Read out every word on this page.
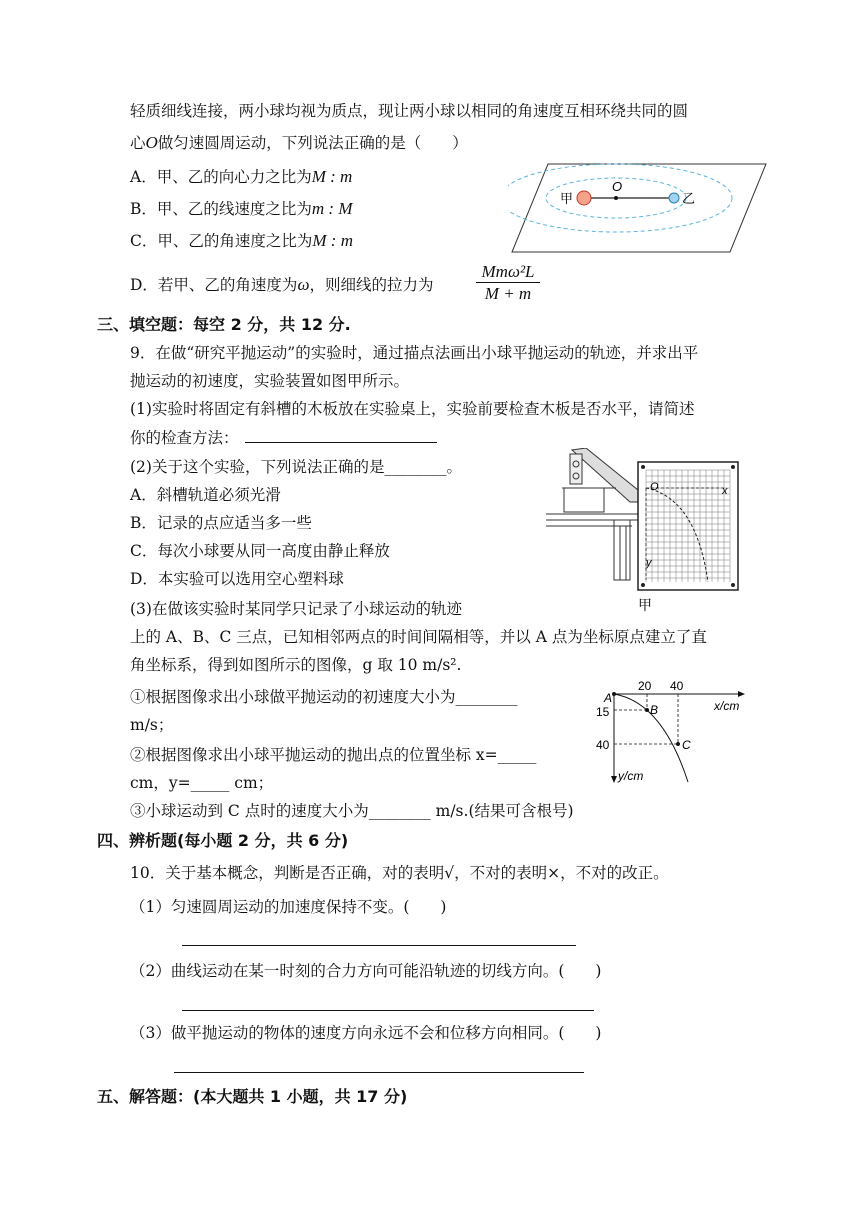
轻质细线连接，两小球均视为质点，现让两小球以相同的角速度互相环绕共同的圆
心O做匀速圆周运动，下列说法正确的是（　　）
A．甲、乙的向心力之比为M : m
B．甲、乙的线速度之比为m : M
C．甲、乙的角速度之比为M : m
D．若甲、乙的角速度为ω，则细线的拉力为
Mmω²L
M + m
甲
O
乙
三、填空题：每空 2 分，共 12 分.
9．在做“研究平抛运动”的实验时，通过描点法画出小球平抛运动的轨迹，并求出平
抛运动的初速度，实验装置如图甲所示。
(1)实验时将固定有斜槽的木板放在实验桌上，实验前要检查木板是否水平，请简述
你的检查方法：
(2)关于这个实验，下列说法正确的是________。
A．斜槽轨道必须光滑
B．记录的点应适当多一些
C．每次小球要从同一高度由静止释放
D．本实验可以选用空心塑料球
(3)在做该实验时某同学只记录了小球运动的轨迹
上的 A、B、C 三点，已知相邻两点的时间间隔相等，并以 A 点为坐标原点建立了直
角坐标系，得到如图所示的图像，g 取 10 m/s².
①根据图像求出小球做平抛运动的初速度大小为________
m/s；
②根据图像求出小球平抛运动的抛出点的位置坐标 x=_____
cm，y=_____ cm；
③小球运动到 C 点时的速度大小为________ m/s.(结果可含根号)
O	x
y
甲
A
B
C
20 40
15
40
x/cm
y/cm
四、辨析题(每小题 2 分，共 6 分)
10．关于基本概念，判断是否正确，对的表明√，不对的表明×，不对的改正。
（1）匀速圆周运动的加速度保持不变。(　　)
（2）曲线运动在某一时刻的合力方向可能沿轨迹的切线方向。(　　)
（3）做平抛运动的物体的速度方向永远不会和位移方向相同。(　　)
五、解答题：(本大题共 1 小题，共 17 分)
